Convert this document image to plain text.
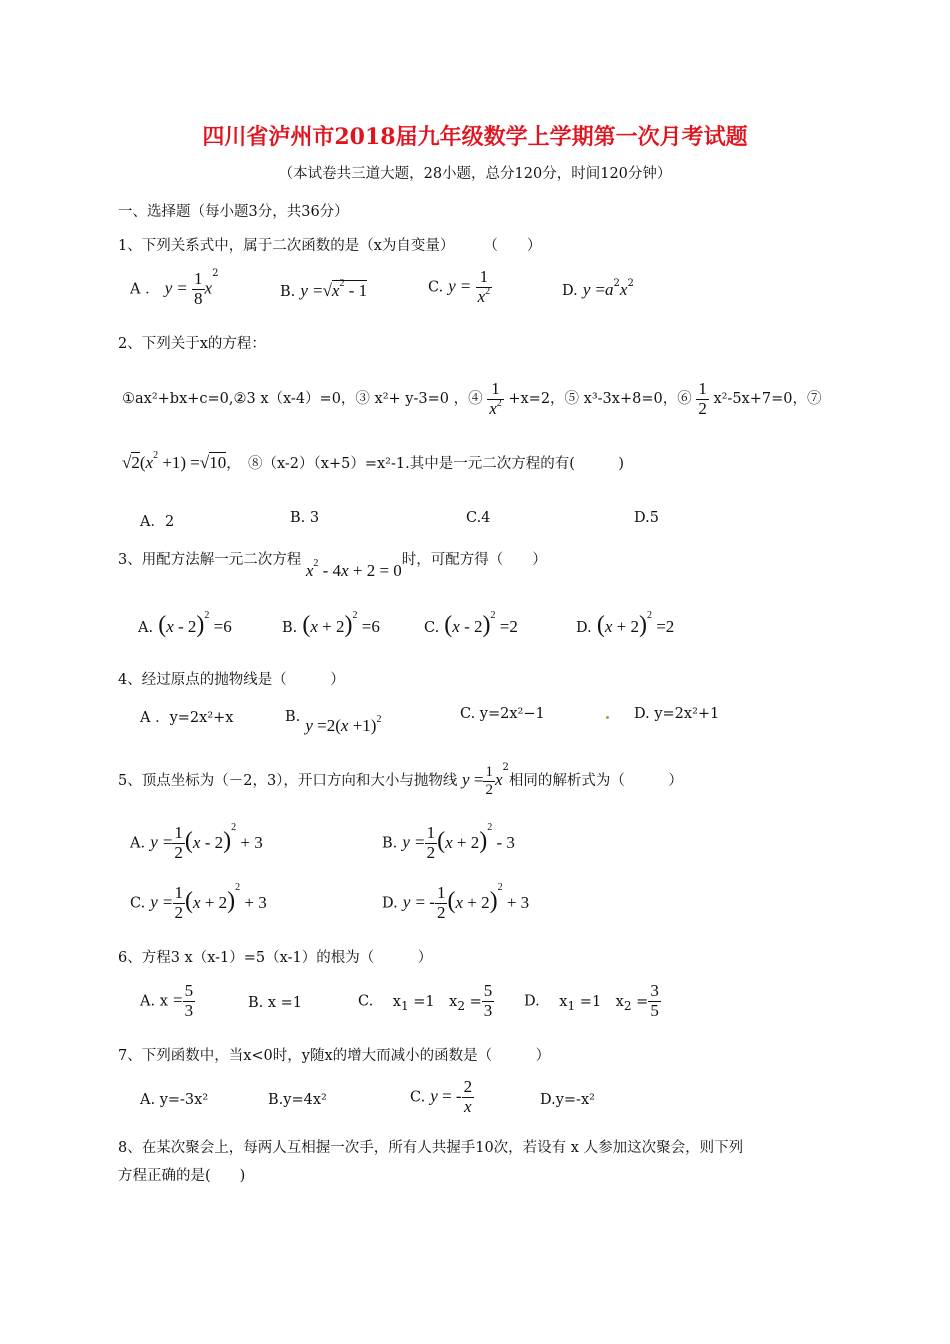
四川省泸州市2018届九年级数学上学期第一次月考试题
（本试卷共三道大题，28小题，总分120分，时间120分钟）
一、选择题（每小题3分，共36分）
1、下列关系式中，属于二次函数的是（x为自变量）　　　（　　）
A ． $y = \frac{1}{8} x^2$
B. $y =√x^2 - 1$	C. $y = \frac{1}{x^2}$	D. $y =a^2x^2$
2、下列关于x的方程：
①ax²+bx+c=0,②3 x（x-4）=0，③ x²+ y-3=0 ，④ $\frac{1}{x^2} +x=2$，⑤ x³-3x+8=0，⑥ $\frac{1}{2} x^2-5x+7=0$，⑦
$√2(x^2 +1) =√10$，　⑧（x-2）（x+5）=x²-1.其中是一元二次方程的有(　　　)
A．2	B. 3	C.4	D.5
3、用配方法解一元二次方程 $x^2 - 4x + 2 = 0$时，可配方得（　　）
A. (x - 2)$^2$ =6	B. $(x + 2)^2 =6$	C. (x - 2)$^2$ =2	D. $(x + 2)^2 =2$
4、经过原点的抛物线是（　　　）
A ．y=2x²+x	B. $y =2(x +1)^2$	C. y=2x²−1	D. y=2x²+1
5、顶点坐标为（－2，3），开口方向和大小与抛物线 $y = \frac{1}{2} x^2$相同的解析式为（　　　）
A. $y = \frac{1}{2} (x - 2)^2 + 3$	B. $y = \frac{1}{2} (x + 2)^2 - 3$
C. $y = \frac{1}{2} (x + 2)^2 + 3$	D. y = - $\frac{1}{2} (x + 2)^2 + 3$
6、方程3 x（x-1）=5（x-1）的根为（　　　）
A. $x = \frac{5}{3}$	B. x =1	C. 　$x_1 =1$　$x_2 = \frac{5}{3} D$. 　$x_1 =1$　$x_2 = \frac{3}{5}$
7、下列函数中，当x<0时，y随x的增大而减小的函数是（　　　）
A. y=-3x²	B.y=4x²	C. y = - $\frac{2}{x}$	D.y=-x²
8、在某次聚会上，每两人互相握一次手，所有人共握手10次，若设有 x 人参加这次聚会，则下列
方程正确的是(　　)
